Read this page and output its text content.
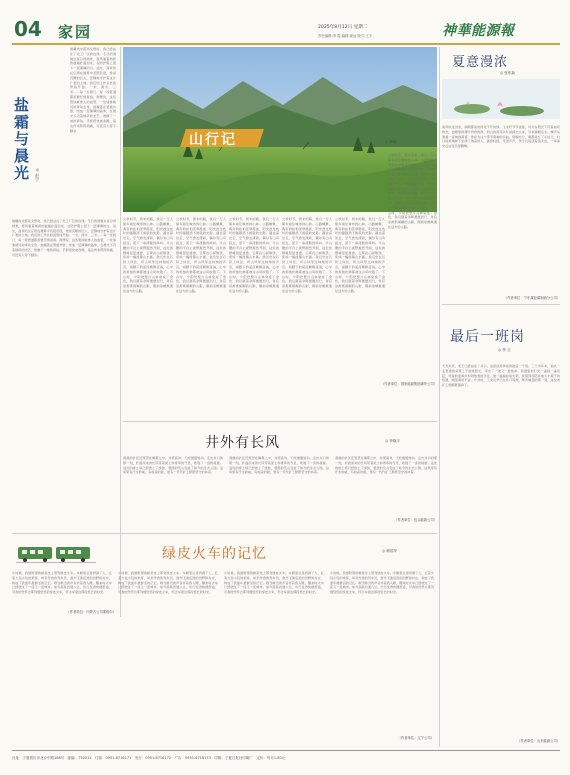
04 家园	2025年8月12日 星期二
责任编辑:李 霞 编辑:姜远 版式:王宇	神華能源報
盐霜与晨光	◎ 赵宁
晨曦尚未照亮戈壁时，我已经站在了化工厂区的边缘。冬日的清晨总是冷得刺骨，寒风裹着细碎的盐霜扑面而来，在防护服上留下一层薄薄的白。远处，高耸的反应塔在晨雾中若隐若现，像是沉睡的巨人，安静地守护着这片广袤的土地。我们的工作从检查管线开始。一米、两米、三米……每一处阀门、每一段管道都需要仔细查看。师傅说，这些管线就像人的血管，一处堵塞就可能牵动全身。盐霜落在管道外壁，结成一层薄薄的晶体，在晨光下闪着细碎的光芒，像撒了一地的碎钻。手套很快被冻硬，指尖传来阵阵刺痛，可没有人停下脚步。
晨曦尚未照亮戈壁时，我已经站在了化工厂区的边缘。冬日的清晨总是冷得刺骨，寒风裹着细碎的盐霜扑面而来，在防护服上留下一层薄薄的白。远处，高耸的反应塔在晨雾中若隐若现，像是沉睡的巨人，安静地守护着这片广袤的土地。我们的工作从检查管线开始。一米、两米、三米……每一处阀门、每一段管道都需要仔细查看。师傅说，这些管线就像人的血管，一处堵塞就可能牵动全身。盐霜落在管道外壁，结成一层薄薄的晶体，在晨光下闪着细碎的光芒，像撒了一地的碎钻。手套很快被冻硬，指尖传来阵阵刺痛，可没有人停下脚步。
（作者单位：内蒙古公司准格尔）
山行记	◎ 李毅
立秋时节，周末闲暇，我们一行人驱车前往城郊的山林。山路蜿蜒，两旁的松柏苍翠挺拔，阳光透过枝叶的缝隙洒下斑驳的光影。越往高处走，空气愈发清新，偶尔有山鸟掠过，留下一串清脆的鸣叫。半山腰的平台上视野豁然开朗，远处的群峰层层叠叠，云雾在山间缭绕，宛如一幅泼墨山水画。我们坐在石阶上休息，听山风穿过林梢的声音，看脚下的溪流蜿蜒流淌，心中的烦恼仿佛都被这山风吹散了。下山时，夕阳把整片山林染成了金色，我们踏着余晖缓缓而行，背后是渐渐模糊的山影，眼前是蜿蜒通往远方的山路。
立秋时节，周末闲暇，我们一行人驱车前往城郊的山林。山路蜿蜒，两旁的松柏苍翠挺拔，阳光透过枝叶的缝隙洒下斑驳的光影。越往高处走，空气愈发清新，偶尔有山鸟掠过，留下一串清脆的鸣叫。半山腰的平台上视野豁然开朗，远处的群峰层层叠叠，云雾在山间缭绕，宛如一幅泼墨山水画。我们坐在石阶上休息，听山风穿过林梢的声音，看脚下的溪流蜿蜒流淌，心中的烦恼仿佛都被这山风吹散了。下山时，夕阳把整片山林染成了金色，我们踏着余晖缓缓而行，背后是渐渐模糊的山影，眼前是蜿蜒通往远方的山路。
立秋时节，周末闲暇，我们一行人驱车前往城郊的山林。山路蜿蜒，两旁的松柏苍翠挺拔，阳光透过枝叶的缝隙洒下斑驳的光影。越往高处走，空气愈发清新，偶尔有山鸟掠过，留下一串清脆的鸣叫。半山腰的平台上视野豁然开朗，远处的群峰层层叠叠，云雾在山间缭绕，宛如一幅泼墨山水画。我们坐在石阶上休息，听山风穿过林梢的声音，看脚下的溪流蜿蜒流淌，心中的烦恼仿佛都被这山风吹散了。下山时，夕阳把整片山林染成了金色，我们踏着余晖缓缓而行，背后是渐渐模糊的山影，眼前是蜿蜒通往远方的山路。
立秋时节，周末闲暇，我们一行人驱车前往城郊的山林。山路蜿蜒，两旁的松柏苍翠挺拔，阳光透过枝叶的缝隙洒下斑驳的光影。越往高处走，空气愈发清新，偶尔有山鸟掠过，留下一串清脆的鸣叫。半山腰的平台上视野豁然开朗，远处的群峰层层叠叠，云雾在山间缭绕，宛如一幅泼墨山水画。我们坐在石阶上休息，听山风穿过林梢的声音，看脚下的溪流蜿蜒流淌，心中的烦恼仿佛都被这山风吹散了。下山时，夕阳把整片山林染成了金色，我们踏着余晖缓缓而行，背后是渐渐模糊的山影，眼前是蜿蜒通往远方的山路。
立秋时节，周末闲暇，我们一行人驱车前往城郊的山林。山路蜿蜒，两旁的松柏苍翠挺拔，阳光透过枝叶的缝隙洒下斑驳的光影。越往高处走，空气愈发清新，偶尔有山鸟掠过，留下一串清脆的鸣叫。半山腰的平台上视野豁然开朗，远处的群峰层层叠叠，云雾在山间缭绕，宛如一幅泼墨山水画。我们坐在石阶上休息，听山风穿过林梢的声音，看脚下的溪流蜿蜒流淌，心中的烦恼仿佛都被这山风吹散了。下山时，夕阳把整片山林染成了金色，我们踏着余晖缓缓而行，背后是渐渐模糊的山影，眼前是蜿蜒通往远方的山路。
立秋时节，周末闲暇，我们一行人驱车前往城郊的山林。山路蜿蜒，两旁的松柏苍翠挺拔，阳光透过枝叶的缝隙洒下斑驳的光影。越往高处走，空气愈发清新，偶尔有山鸟掠过，留下一串清脆的鸣叫。半山腰的平台上视野豁然开朗，远处的群峰层层叠叠，云雾在山间缭绕，宛如一幅泼墨山水画。我们坐在石阶上休息，听山风穿过林梢的声音，看脚下的溪流蜿蜒流淌，心中的烦恼仿佛都被这山风吹散了。下山时，夕阳把整片山林染成了金色，我们踏着余晖缓缓而行，背后是渐渐模糊的山影，眼前是蜿蜒通往远方的山路。
（作者单位：国家能源集团神华公司）
井外有长风	◎ 李晓宇
清晨的矿区还笼罩在薄雾之中，井架高耸，天轮缓缓转动。走出井口的那一刻，扑面而来的长风带着泥土和青草的气息，吹散了一身的疲惫。远处的排土场已经披上了绿装，曾经的荒山变成了如今的生态公园。这风里有汗水的咸，有收获的甜，更有一代代矿工默默坚守的执着。
清晨的矿区还笼罩在薄雾之中，井架高耸，天轮缓缓转动。走出井口的那一刻，扑面而来的长风带着泥土和青草的气息，吹散了一身的疲惫。远处的排土场已经披上了绿装，曾经的荒山变成了如今的生态公园。这风里有汗水的咸，有收获的甜，更有一代代矿工默默坚守的执着。
清晨的矿区还笼罩在薄雾之中，井架高耸，天轮缓缓转动。走出井口的那一刻，扑面而来的长风带着泥土和青草的气息，吹散了一身的疲惫。远处的排土场已经披上了绿装，曾经的荒山变成了如今的生态公园。这风里有汗水的咸，有收获的甜，更有一代代矿工默默坚守的执着。
（作者单位：包头能源公司）
绿皮火车的记忆	◎ 韩国华
小时候，我最盼望的就是坐上那列绿皮火车。车厢里总是挤满了人，扛着大包小包的乘客，叫卖零食的列车员，窗外飞速后退的田野和村庄，构成了我童年最鲜活的记忆。哐当哐当的声音伴着我入睡，醒来时火车已经驶过了一座又一座城市。如今高铁四通八达，出行变得快捷舒适，可我依然怀念那列慢悠悠的绿皮火车，怀念车窗边那段悠长的时光。
小时候，我最盼望的就是坐上那列绿皮火车。车厢里总是挤满了人，扛着大包小包的乘客，叫卖零食的列车员，窗外飞速后退的田野和村庄，构成了我童年最鲜活的记忆。哐当哐当的声音伴着我入睡，醒来时火车已经驶过了一座又一座城市。如今高铁四通八达，出行变得快捷舒适，可我依然怀念那列慢悠悠的绿皮火车，怀念车窗边那段悠长的时光。
小时候，我最盼望的就是坐上那列绿皮火车。车厢里总是挤满了人，扛着大包小包的乘客，叫卖零食的列车员，窗外飞速后退的田野和村庄，构成了我童年最鲜活的记忆。哐当哐当的声音伴着我入睡，醒来时火车已经驶过了一座又一座城市。如今高铁四通八达，出行变得快捷舒适，可我依然怀念那列慢悠悠的绿皮火车，怀念车窗边那段悠长的时光。
小时候，我最盼望的就是坐上那列绿皮火车。车厢里总是挤满了人，扛着大包小包的乘客，叫卖零食的列车员，窗外飞速后退的田野和村庄，构成了我童年最鲜活的记忆。哐当哐当的声音伴着我入睡，醒来时火车已经驶过了一座又一座城市。如今高铁四通八达，出行变得快捷舒适，可我依然怀念那列慢悠悠的绿皮火车，怀念车窗边那段悠长的时光。
（作者单位：辽宁公司）
夏意漫浓
◎ 张东新
南风吹过田垄，满眼都是浓得化不开的绿。玉米秆节节拔高，叶片在阳光下闪着油亮的光，池塘里的荷叶挤挤挨挨，粉白的荷花从叶间探出头来，引来蜻蜓点水。蝉声从清晨一直响到黄昏，像是为这个季节奏响的序曲。傍晚时分，晚霞染红了半边天，村口的老槐树下坐满了纳凉的人，蒲扇轻摇，笑语声声，孩子们追逐着萤火虫，一串串光点在夜色里飘舞。
（作者单位：宁东煤业煤制油分公司）
最后一班岗
◎ 李 文
天光未亮，老王已经站在了井口。这是他退休前的最后一个班。三十多年来，他从一名普通的采煤工干到班组长，带出了一批又一批徒弟。巷道里的灯光一盏接一盏亮起，设备的轰鸣声如同熟悉的乐章。他一遍遍检查支架，抚摸那些陪伴他大半辈子的机器，眼里满是不舍。升井时，工友们早已在井口等候，掌声响起的那一刻，这位老矿工的眼眶湿润了。
（作者单位：山东能源公司）
社址：宁夏银川市北京中路168号　邮编：750011　订阅：0951-6716171　发行：0951-6716172　广告：0951-6716173　印刷：宁夏日报社印刷厂　定价：每月1.50元
